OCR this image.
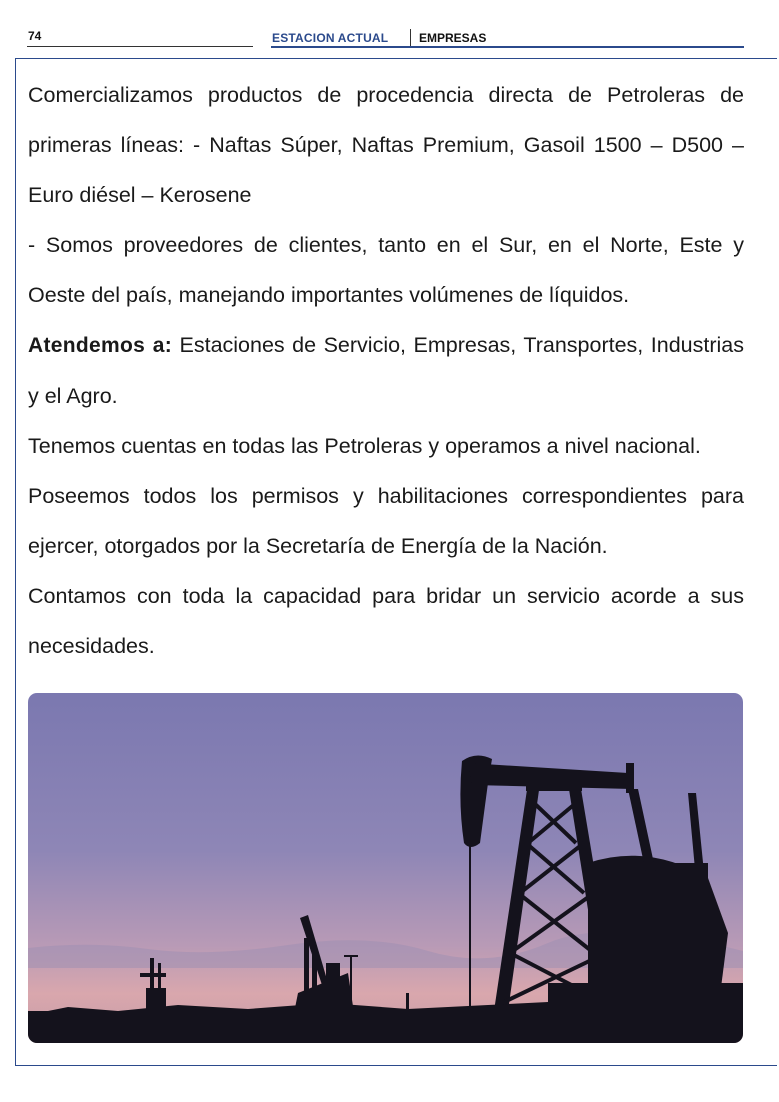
74	ESTACION ACTUAL	EMPRESAS

Comercializamos productos de procedencia directa de Petroleras de primeras líneas: - Naftas Súper, Naftas Premium, Gasoil 1500 – D500 – Euro diésel – Kerosene

- Somos proveedores de clientes, tanto en el Sur, en el Norte, Este y Oeste del país, manejando importantes volúmenes de líquidos.

Atendemos a: Estaciones de Servicio, Empresas, Transportes, Industrias y el Agro.

Tenemos cuentas en todas las Petroleras y operamos a nivel nacional.

Poseemos todos los permisos y habilitaciones correspondientes para ejercer, otorgados por la Secretaría de Energía de la Nación.

Contamos con toda la capacidad para bridar un servicio acorde a sus necesidades.
